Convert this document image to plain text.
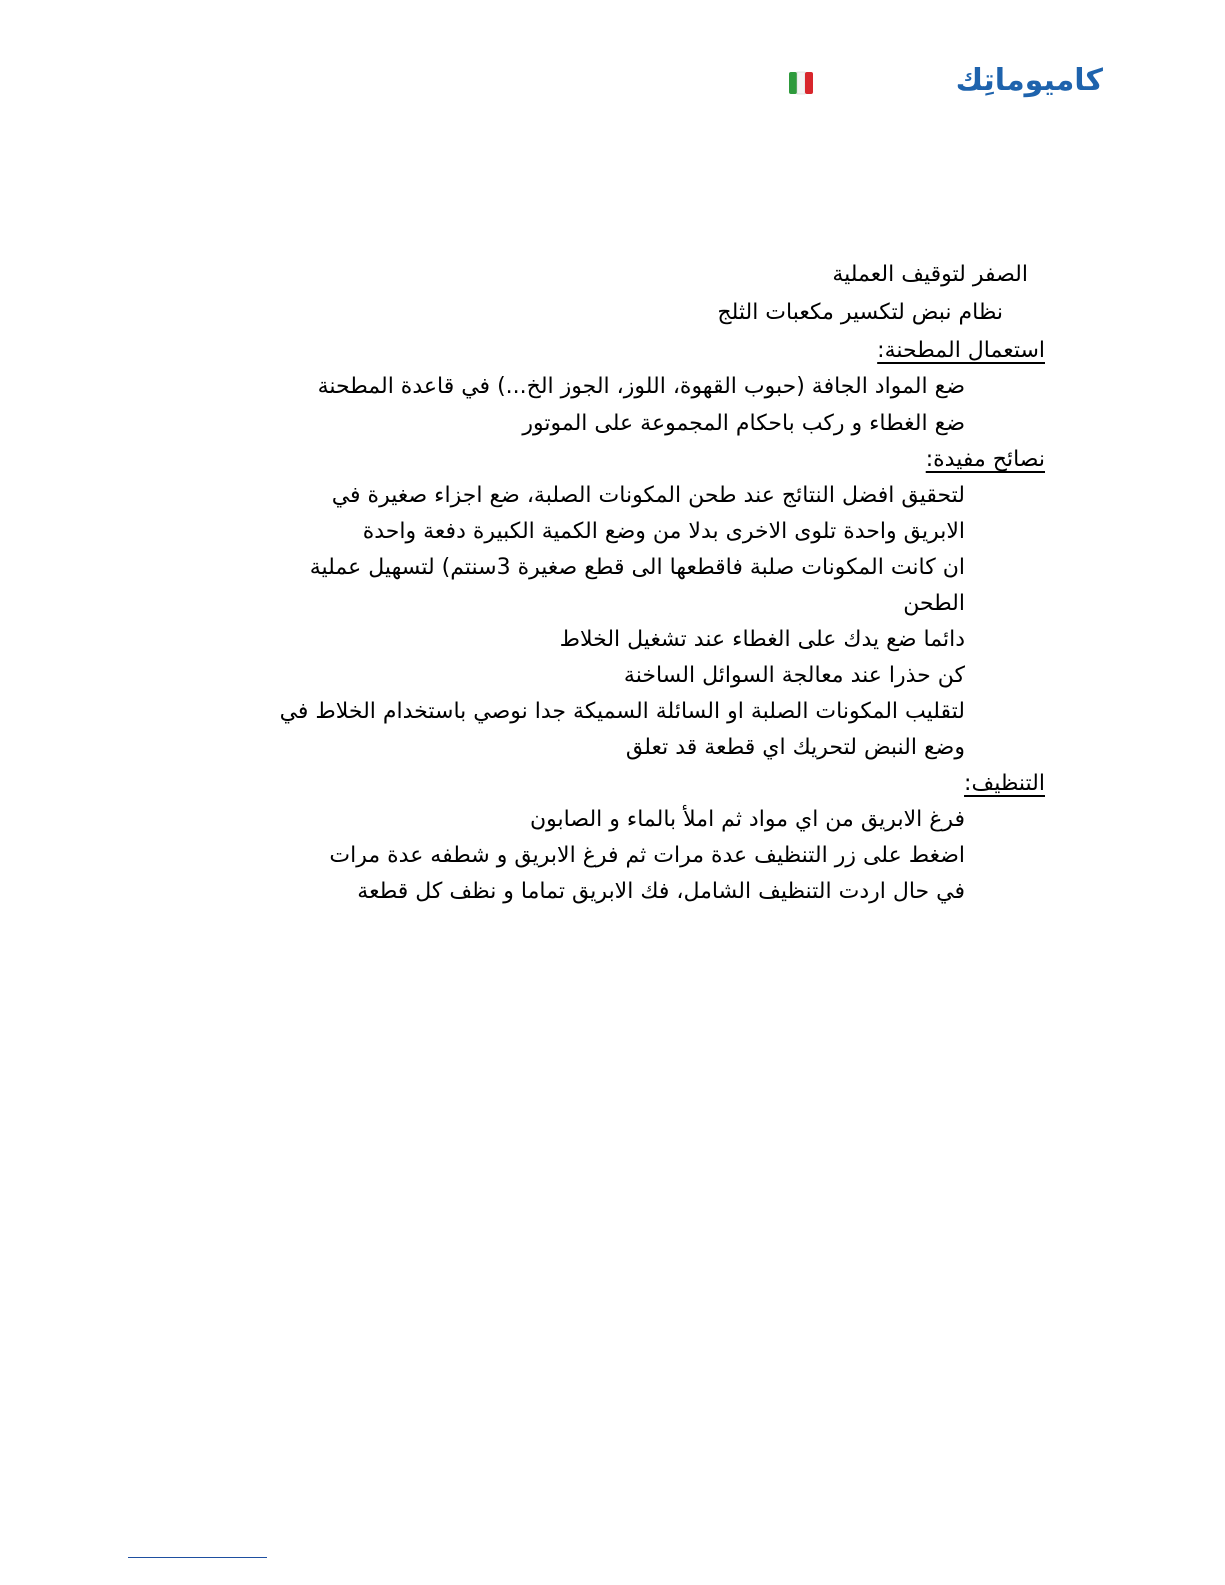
كاميوماتِك
الصفر لتوقيف العملية
نظام نبض لتكسير مكعبات الثلج
استعمال المطحنة:
ضع المواد الجافة (حبوب القهوة، اللوز، الجوز الخ...) في قاعدة المطحنة
ضع الغطاء و ركب باحكام المجموعة على الموتور
نصائح مفيدة:
لتحقيق افضل النتائج عند طحن المكونات الصلبة، ضع اجزاء صغيرة في
الابريق واحدة تلوى الاخرى بدلا من وضع الكمية الكبيرة دفعة واحدة
ان كانت المكونات صلبة فاقطعها الى قطع صغيرة 3سنتم) لتسهيل عملية
الطحن
دائما ضع يدك على الغطاء عند تشغيل الخلاط
كن حذرا عند معالجة السوائل الساخنة
لتقليب المكونات الصلبة او السائلة السميكة جدا نوصي باستخدام الخلاط في
وضع النبض لتحريك اي قطعة قد تعلق
التنظيف:
فرغ الابريق من اي مواد ثم املأ بالماء و الصابون
اضغط على زر التنظيف عدة مرات ثم فرغ الابريق و شطفه عدة مرات
في حال اردت التنظيف الشامل، فك الابريق تماما و نظف كل قطعة
